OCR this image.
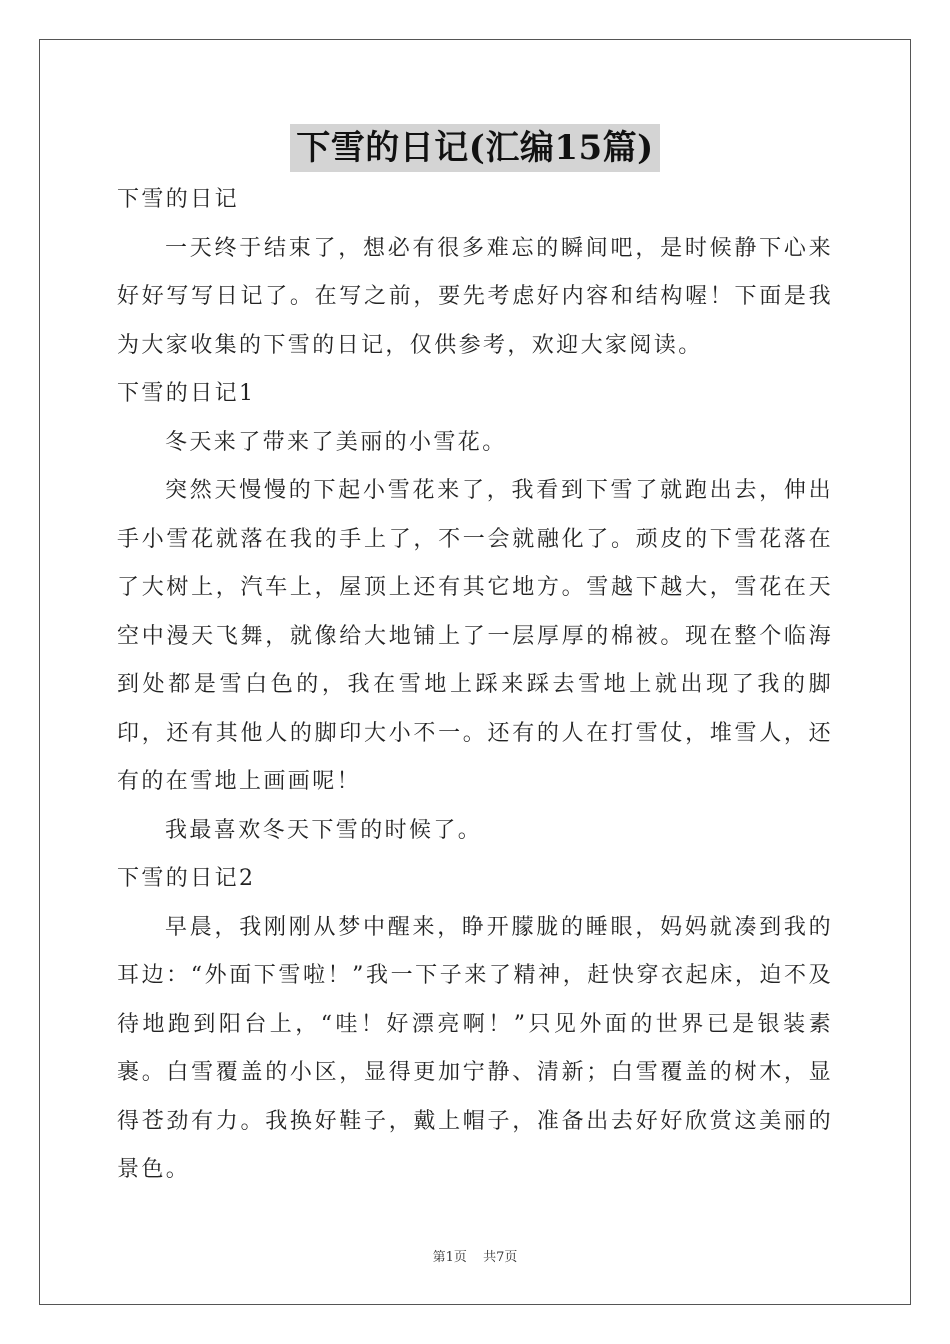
下雪的日记(汇编15篇)

下雪的日记

一天终于结束了，想必有很多难忘的瞬间吧，是时候静下心来好好写写日记了。在写之前，要先考虑好内容和结构喔！下面是我为大家收集的下雪的日记，仅供参考，欢迎大家阅读。

下雪的日记1

冬天来了带来了美丽的小雪花。

突然天慢慢的下起小雪花来了，我看到下雪了就跑出去，伸出手小雪花就落在我的手上了，不一会就融化了。顽皮的下雪花落在了大树上，汽车上，屋顶上还有其它地方。雪越下越大，雪花在天空中漫天飞舞，就像给大地铺上了一层厚厚的棉被。现在整个临海到处都是雪白色的，我在雪地上踩来踩去雪地上就出现了我的脚印，还有其他人的脚印大小不一。还有的人在打雪仗，堆雪人，还有的在雪地上画画呢！

我最喜欢冬天下雪的时候了。

下雪的日记2

早晨，我刚刚从梦中醒来，睁开朦胧的睡眼，妈妈就凑到我的耳边：“外面下雪啦！”我一下子来了精神，赶快穿衣起床，迫不及待地跑到阳台上，“哇！好漂亮啊！”只见外面的世界已是银装素裹。白雪覆盖的小区，显得更加宁静、清新；白雪覆盖的树木，显得苍劲有力。我换好鞋子，戴上帽子，准备出去好好欣赏这美丽的景色。

第1页 共7页
